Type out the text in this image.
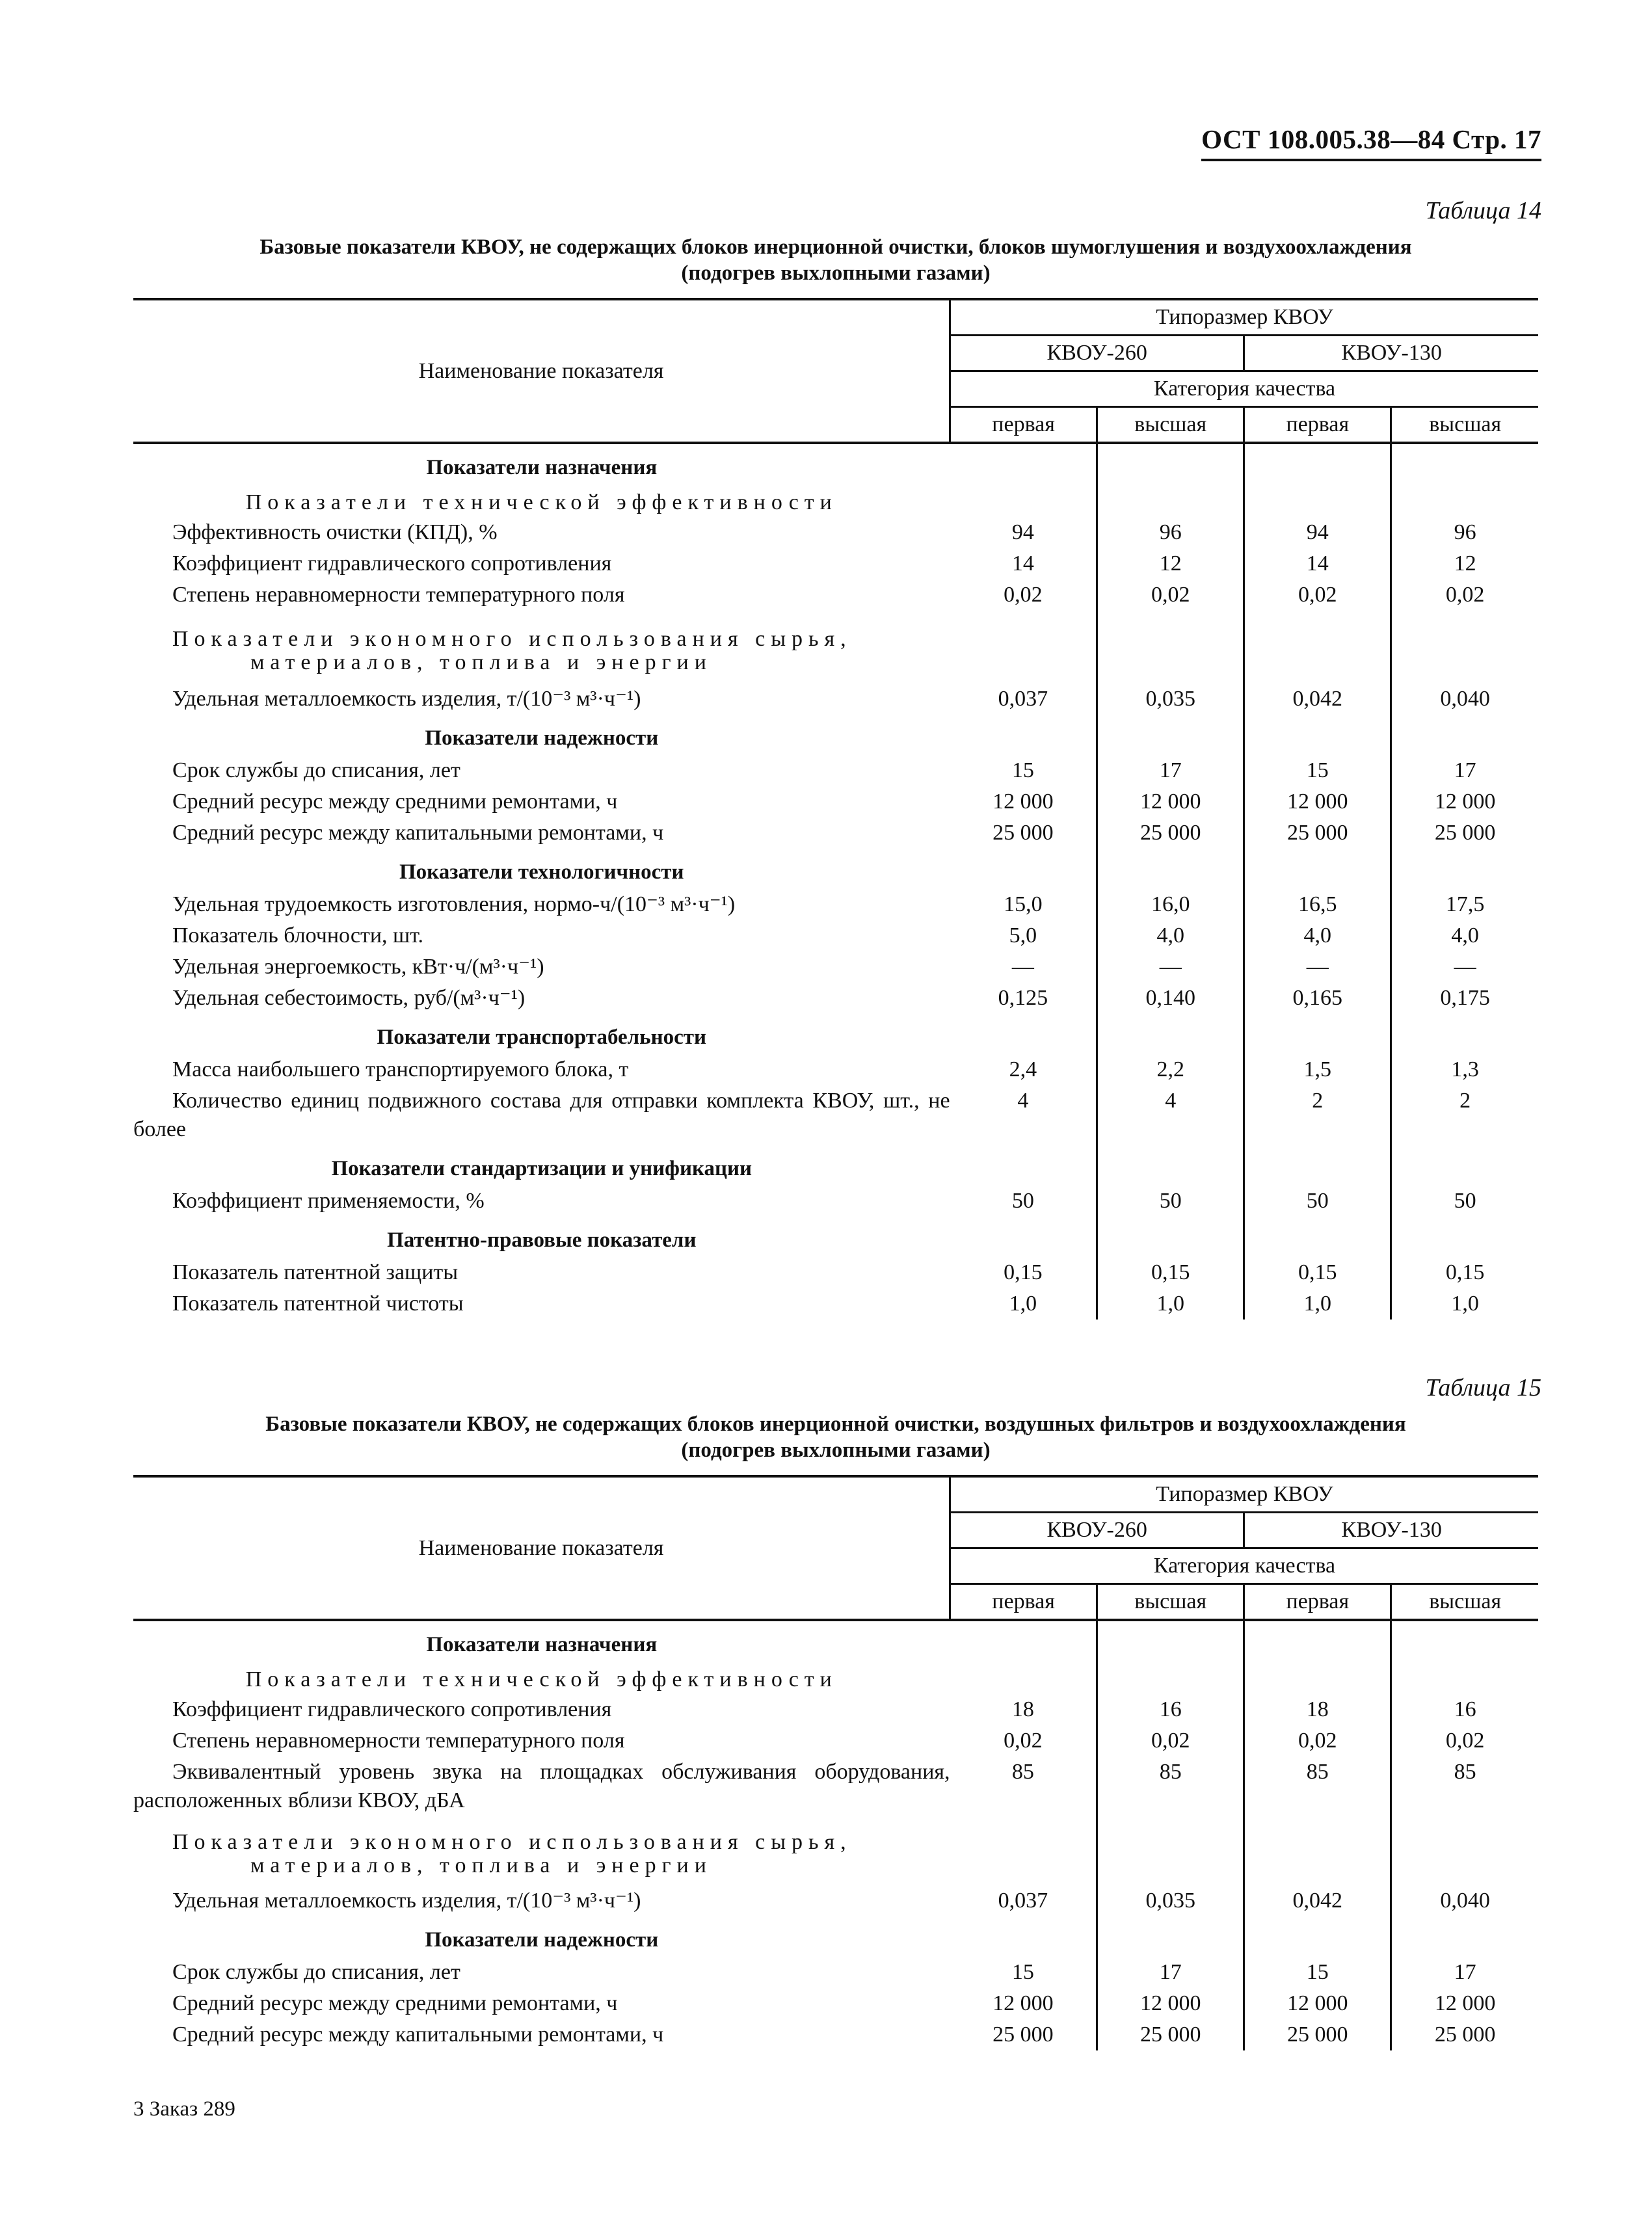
ОСТ 108.005.38—84 Стр. 17
Таблица 14
Базовые показатели КВОУ, не содержащих блоков инерционной очистки, блоков шумоглушения и воздухоохлаждения
(подогрев выхлопными газами)
Наименование показателя	Типоразмер КВОУ			
	КВОУ-260		КВОУ-130	
	Категория качества			
	первая	высшая	первая	высшая
Показатели назначения				
Показатели технической эффективности				
Эффективность очистки (КПД), %	94	96	94	96
Коэффициент гидравлического сопротивления	14	12	14	12
Степень неравномерности температурного поля	0,02	0,02	0,02	0,02
Показатели экономного использования сырья,
материалов, топлива и энергии				
Удельная металлоемкость изделия, т/(10⁻³ м³·ч⁻¹)	0,037	0,035	0,042	0,040
Показатели надежности				
Срок службы до списания, лет	15	17	15	17
Средний ресурс между средними ремонтами, ч	12 000	12 000	12 000	12 000
Средний ресурс между капитальными ремонтами, ч	25 000	25 000	25 000	25 000
Показатели технологичности				
Удельная трудоемкость изготовления, нормо-ч/(10⁻³ м³·ч⁻¹)	15,0	16,0	16,5	17,5
Показатель блочности, шт.	5,0	4,0	4,0	4,0
Удельная энергоемкость, кВт·ч/(м³·ч⁻¹)	—	—	—	—
Удельная себестоимость, руб/(м³·ч⁻¹)	0,125	0,140	0,165	0,175
Показатели транспортабельности				
Масса наибольшего транспортируемого блока, т	2,4	2,2	1,5	1,3
Количество единиц подвижного состава для отправки комплекта КВОУ, шт., не более	4	4	2	2
Показатели стандартизации и унификации				
Коэффициент применяемости, %	50	50	50	50
Патентно-правовые показатели				
Показатель патентной защиты	0,15	0,15	0,15	0,15
Показатель патентной чистоты	1,0	1,0	1,0	1,0
Таблица 15
Базовые показатели КВОУ, не содержащих блоков инерционной очистки, воздушных фильтров и воздухоохлаждения
(подогрев выхлопными газами)
Наименование показателя	Типоразмер КВОУ			
	КВОУ-260		КВОУ-130	
	Категория качества			
	первая	высшая	первая	высшая
Показатели назначения				
Показатели технической эффективности				
Коэффициент гидравлического сопротивления	18	16	18	16
Степень неравномерности температурного поля	0,02	0,02	0,02	0,02
Эквивалентный уровень звука на площадках обслуживания оборудования, расположенных вблизи КВОУ, дБА	85	85	85	85
Показатели экономного использования сырья,
материалов, топлива и энергии				
Удельная металлоемкость изделия, т/(10⁻³ м³·ч⁻¹)	0,037	0,035	0,042	0,040
Показатели надежности				
Срок службы до списания, лет	15	17	15	17
Средний ресурс между средними ремонтами, ч	12 000	12 000	12 000	12 000
Средний ресурс между капитальными ремонтами, ч	25 000	25 000	25 000	25 000
3 Заказ 289
